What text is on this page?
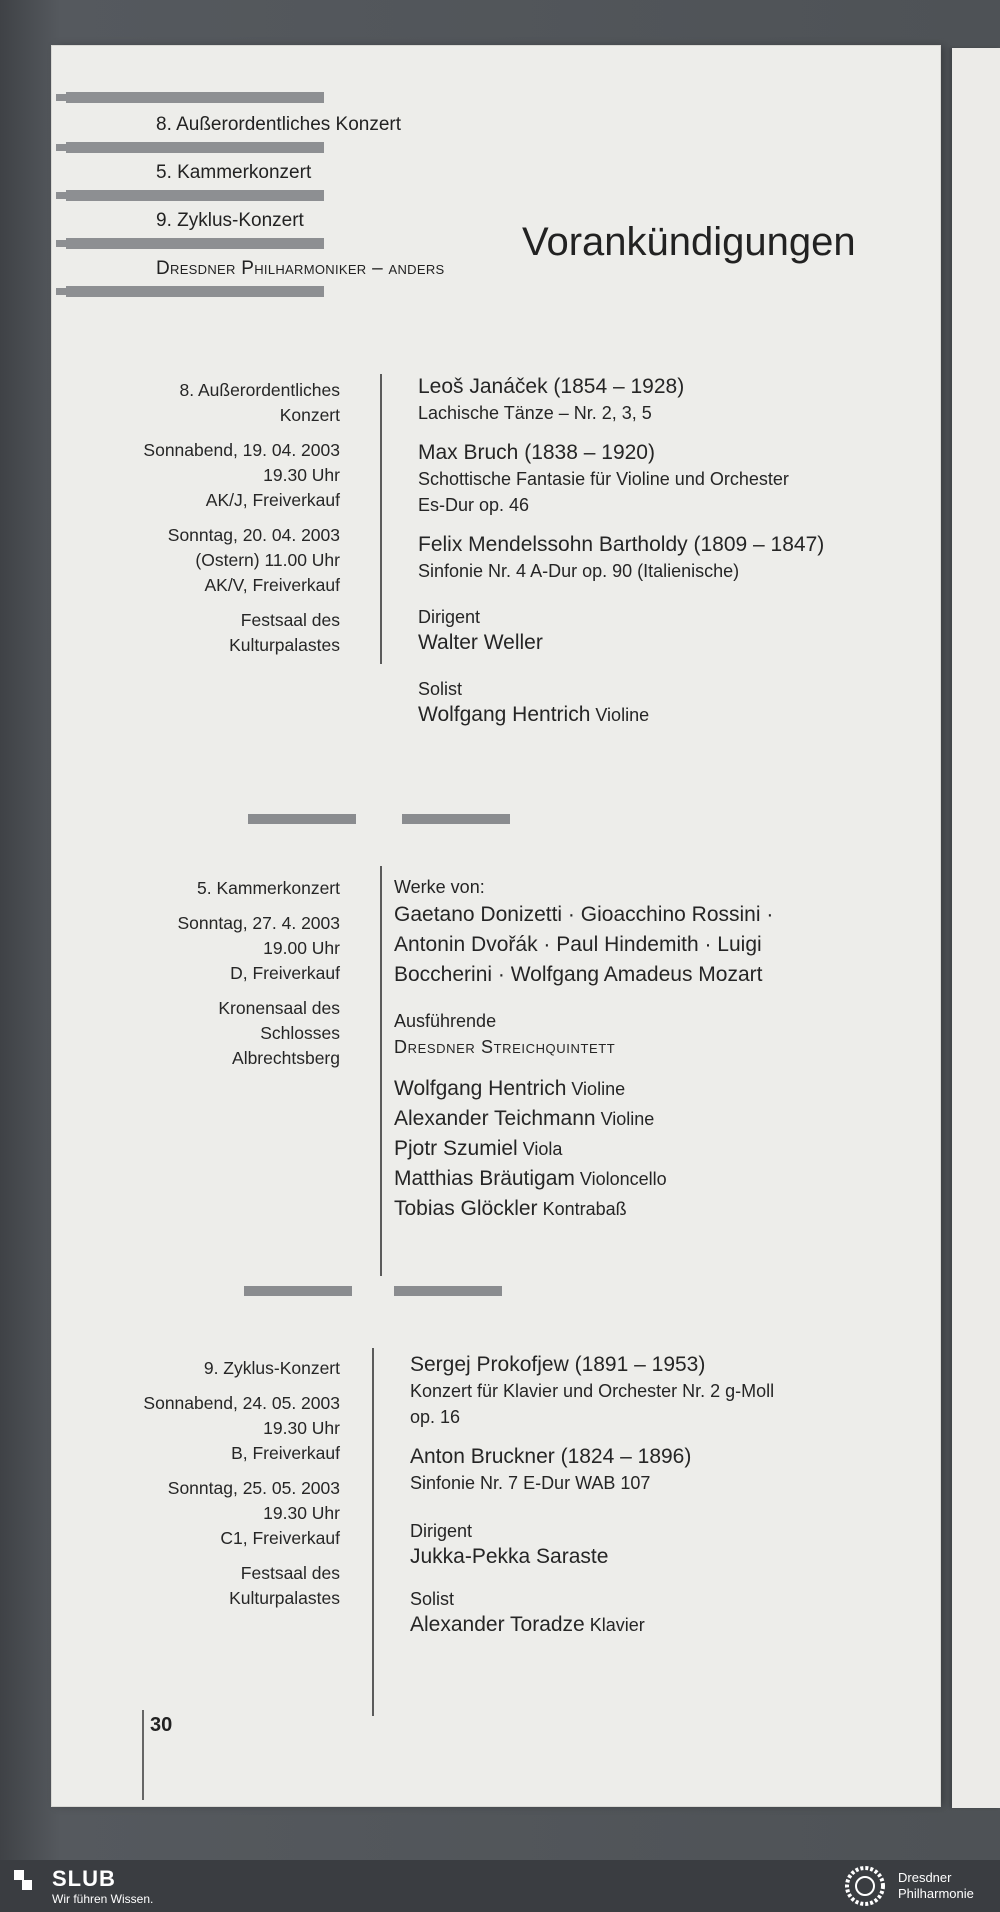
8. Außerordentliches Konzert
5. Kammerkonzert
9. Zyklus-Konzert
Dresdner Philharmoniker – anders
Vorankündigungen

8. Außerordentliches
Konzert

Sonnabend, 19. 04. 2003
19.30 Uhr
AK/J, Freiverkauf

Sonntag, 20. 04. 2003
(Ostern) 11.00 Uhr
AK/V, Freiverkauf

Festsaal des
Kulturpalastes

Leoš Janáček (1854 – 1928)
Lachische Tänze – Nr. 2, 3, 5
Max Bruch (1838 – 1920)
Schottische Fantasie für Violine und Orchester
Es-Dur op. 46
Felix Mendelssohn Bartholdy (1809 – 1847)
Sinfonie Nr. 4 A-Dur op. 90 (Italienische)
Dirigent
Walter Weller
Solist
Wolfgang Hentrich Violine

5. Kammerkonzert

Sonntag, 27. 4. 2003
19.00 Uhr
D, Freiverkauf

Kronensaal des
Schlosses
Albrechtsberg

Werke von:
Gaetano Donizetti · Gioacchino Rossini ·
Antonin Dvořák · Paul Hindemith · Luigi
Boccherini · Wolfgang Amadeus Mozart
Ausführende
Dresdner Streichquintett
Wolfgang Hentrich Violine
Alexander Teichmann Violine
Pjotr Szumiel Viola
Matthias Bräutigam Violoncello
Tobias Glöckler Kontrabaß

9. Zyklus-Konzert

Sonnabend, 24. 05. 2003
19.30 Uhr
B, Freiverkauf

Sonntag, 25. 05. 2003
19.30 Uhr
C1, Freiverkauf

Festsaal des
Kulturpalastes

Sergej Prokofjew (1891 – 1953)
Konzert für Klavier und Orchester Nr. 2 g-Moll
op. 16
Anton Bruckner (1824 – 1896)
Sinfonie Nr. 7 E-Dur WAB 107
Dirigent
Jukka-Pekka Saraste
Solist
Alexander Toradze Klavier
30
SLUB
Wir führen Wissen.
Dresdner
Philharmonie
